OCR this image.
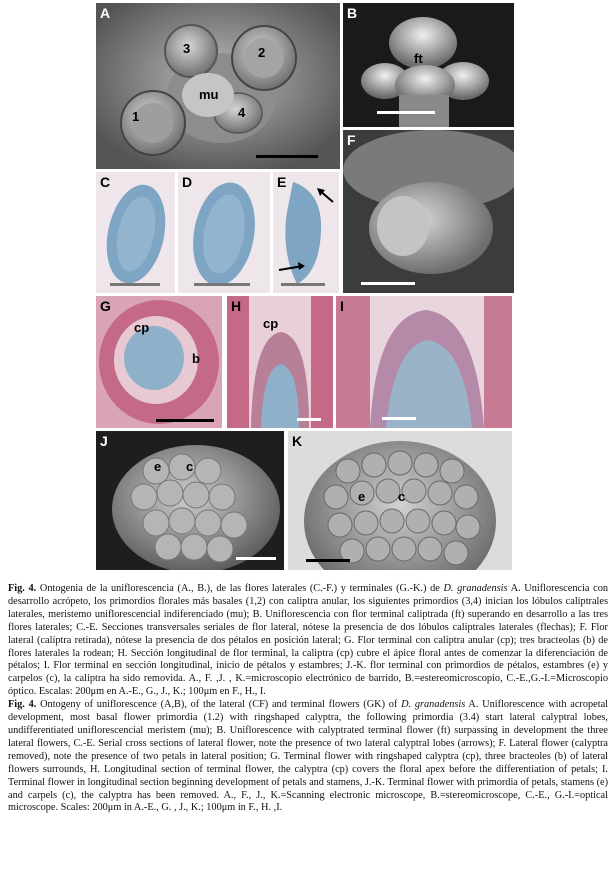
A
1
2
3
4
mu
B
ft
C	D	E
F
G
cp
b
H
cp
I
J
e c
K
e	c

Fig. 4. Ontogenia de la uniflorescencia (A., B.), de las flores laterales (C.-F.) y terminales (G.-K.) de D. granadensis A. Uniflorescencia con desarrollo acrópeto, los primordios florales más basales (1,2) con caliptra anular, los siguientes primordios (3,4) inician los lóbulos caliptrales laterales, meristemo uniflorescencial indiferenciado (mu); B. Uniflorescencia con flor terminal caliptrada (ft) superando en desarrollo a las tres flores laterales; C.-E. Secciones transversales seriales de flor lateral, nótese la presencia de dos lóbulos caliptrales laterales (flechas); F. Flor lateral (calíptra retirada), nótese la presencia de dos pétalos en posición lateral; G. Flor terminal con caliptra anular (cp); tres bracteolas (b) de flores laterales la rodean; H. Sección longitudinal de flor terminal, la caliptra (cp) cubre el ápice floral antes de comenzar la diferenciación de pétalos; I. Flor terminal en sección longitudinal, inicio de pétalos y estambres; J.-K. flor terminal con primordios de pétalos, estambres (e) y carpelos (c), la caliptra ha sido removida. A., F. ,J. , K.=microscopio electrónico de barrido, B.=estereomicroscopio, C.-E.,G.-I.=Microscopio óptico. Escalas: 200μm en A.-E., G., J., K.; 100μm en F., H., I.

Fig. 4. Ontogeny of uniflorescence (A,B), of the lateral (CF) and terminal flowers (GK) of D. granadensis A. Uniflorescence with acropetal development, most basal flower primordia (1.2) with ringshaped calyptra, the following primordia (3.4) start lateral calyptral lobes, undifferentiated uniflorescencial meristem (mu); B. Uniflorescence with calyptrated terminal flower (ft) surpassing in development the three lateral flowers, C.-E. Serial cross sections of lateral flower, note the presence of two lateral calyptral lobes (arrows); F. Lateral flower (calyptra removed), note the presence of two petals in lateral position; G. Terminal flower with ringshaped calyptra (cp), three bracteoles (b) of lateral flowers surrounds, H. Longitudinal section of terminal flower, the calyptra (cp) covers the floral apex before the differentiation of petals; I. Terminal flower in longitudinal section beginning development of petals and stamens, J.-K. Terminal flower with primordia of petals, stamens (e) and carpels (c), the calyptra has been removed. A., F., J., K.=Scanning electronic microscope, B.=stereomicroscope, C.-E., G.-I.=optical microscope. Scales: 200μm in A.-E., G. , J., K.; 100μm in F., H. ,I.
